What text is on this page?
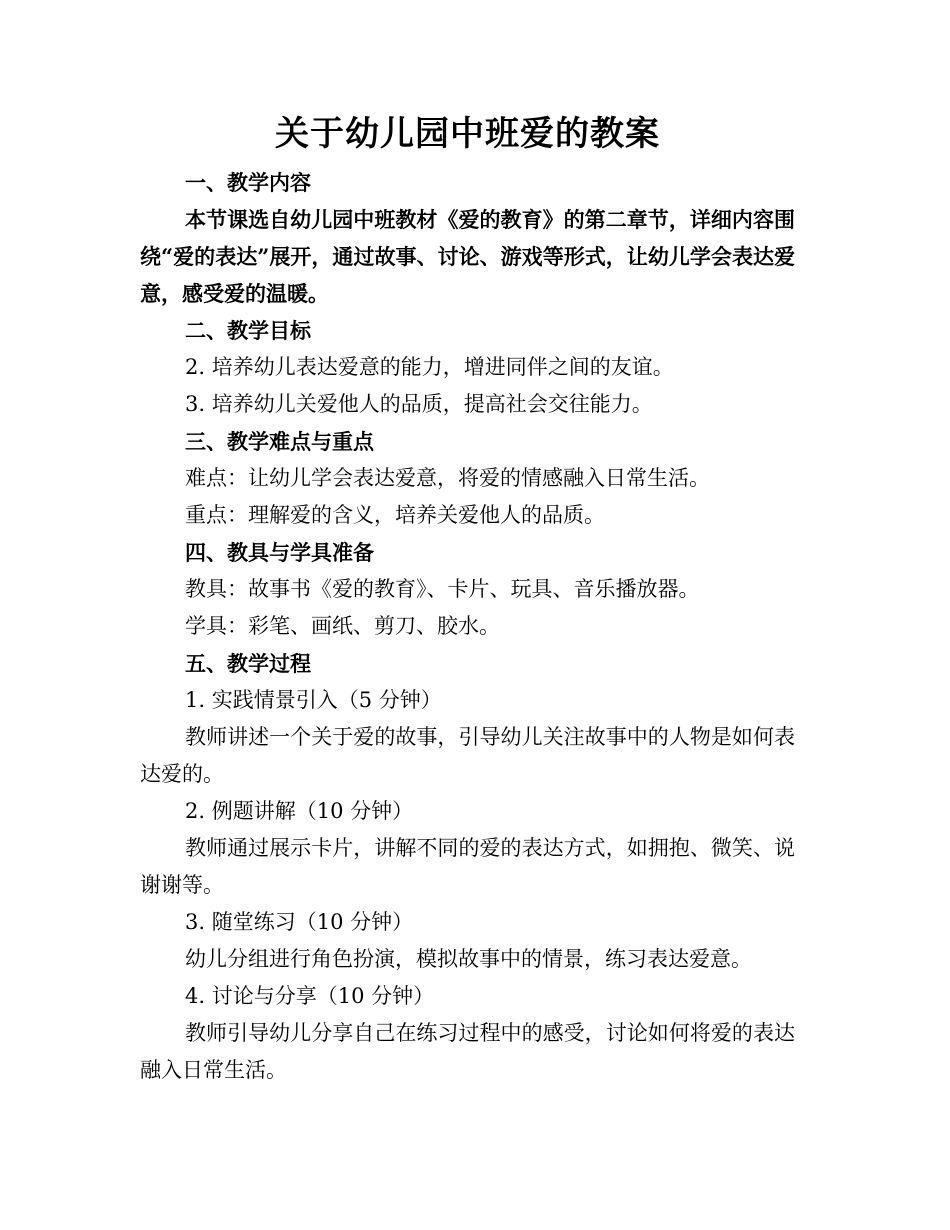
关于幼儿园中班爱的教案

一、教学内容

本节课选自幼儿园中班教材《爱的教育》的第二章节，详细内容围绕“爱的表达”展开，通过故事、讨论、游戏等形式，让幼儿学会表达爱意，感受爱的温暖。

二、教学目标

2. 培养幼儿表达爱意的能力，增进同伴之间的友谊。

3. 培养幼儿关爱他人的品质，提高社会交往能力。

三、教学难点与重点

难点：让幼儿学会表达爱意，将爱的情感融入日常生活。

重点：理解爱的含义，培养关爱他人的品质。

四、教具与学具准备

教具：故事书《爱的教育》、卡片、玩具、音乐播放器。

学具：彩笔、画纸、剪刀、胶水。

五、教学过程

1. 实践情景引入（5 分钟）

教师讲述一个关于爱的故事，引导幼儿关注故事中的人物是如何表达爱的。

2. 例题讲解（10 分钟）

教师通过展示卡片，讲解不同的爱的表达方式，如拥抱、微笑、说谢谢等。

3. 随堂练习（10 分钟）

幼儿分组进行角色扮演，模拟故事中的情景，练习表达爱意。

4. 讨论与分享（10 分钟）

教师引导幼儿分享自己在练习过程中的感受，讨论如何将爱的表达融入日常生活。
